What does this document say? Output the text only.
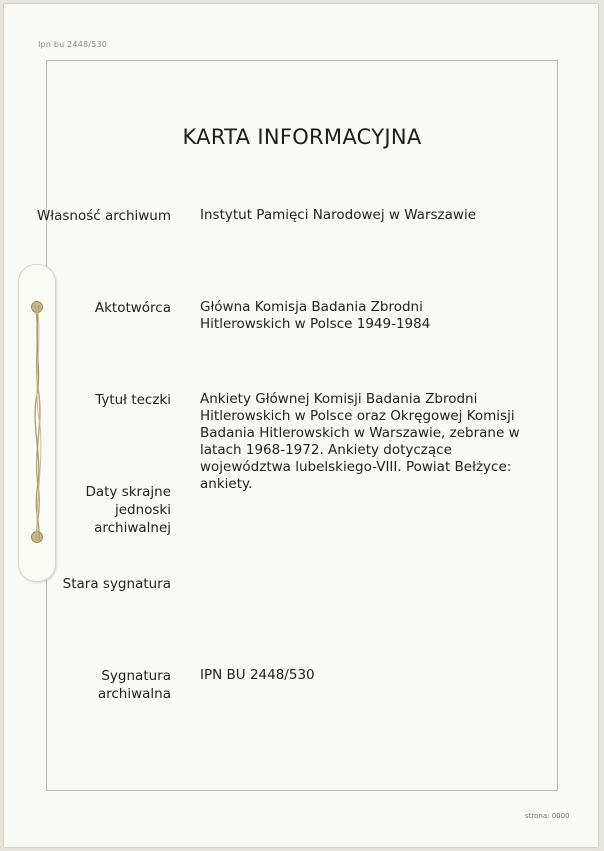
Ipn bu 2448/530
strona: 0000
KARTA INFORMACYJNA
Własność archiwum Instytut Pamięci Narodowej w Warszawie
Aktotwórca Główna Komisja Badania Zbrodni Hitlerowskich w Polsce 1949-1984
Tytuł teczki Ankiety Głównej Komisji Badania Zbrodni Hitlerowskich w Polsce oraz Okręgowej Komisji Badania Hitlerowskich w Warszawie, zebrane w latach 1968-1972. Ankiety dotyczące województwa lubelskiego-VIII. Powiat Bełżyce: ankiety.
Daty skrajne jednoski archiwalnej
Stara sygnatura
Sygnatura archiwalna
IPN BU 2448/530
